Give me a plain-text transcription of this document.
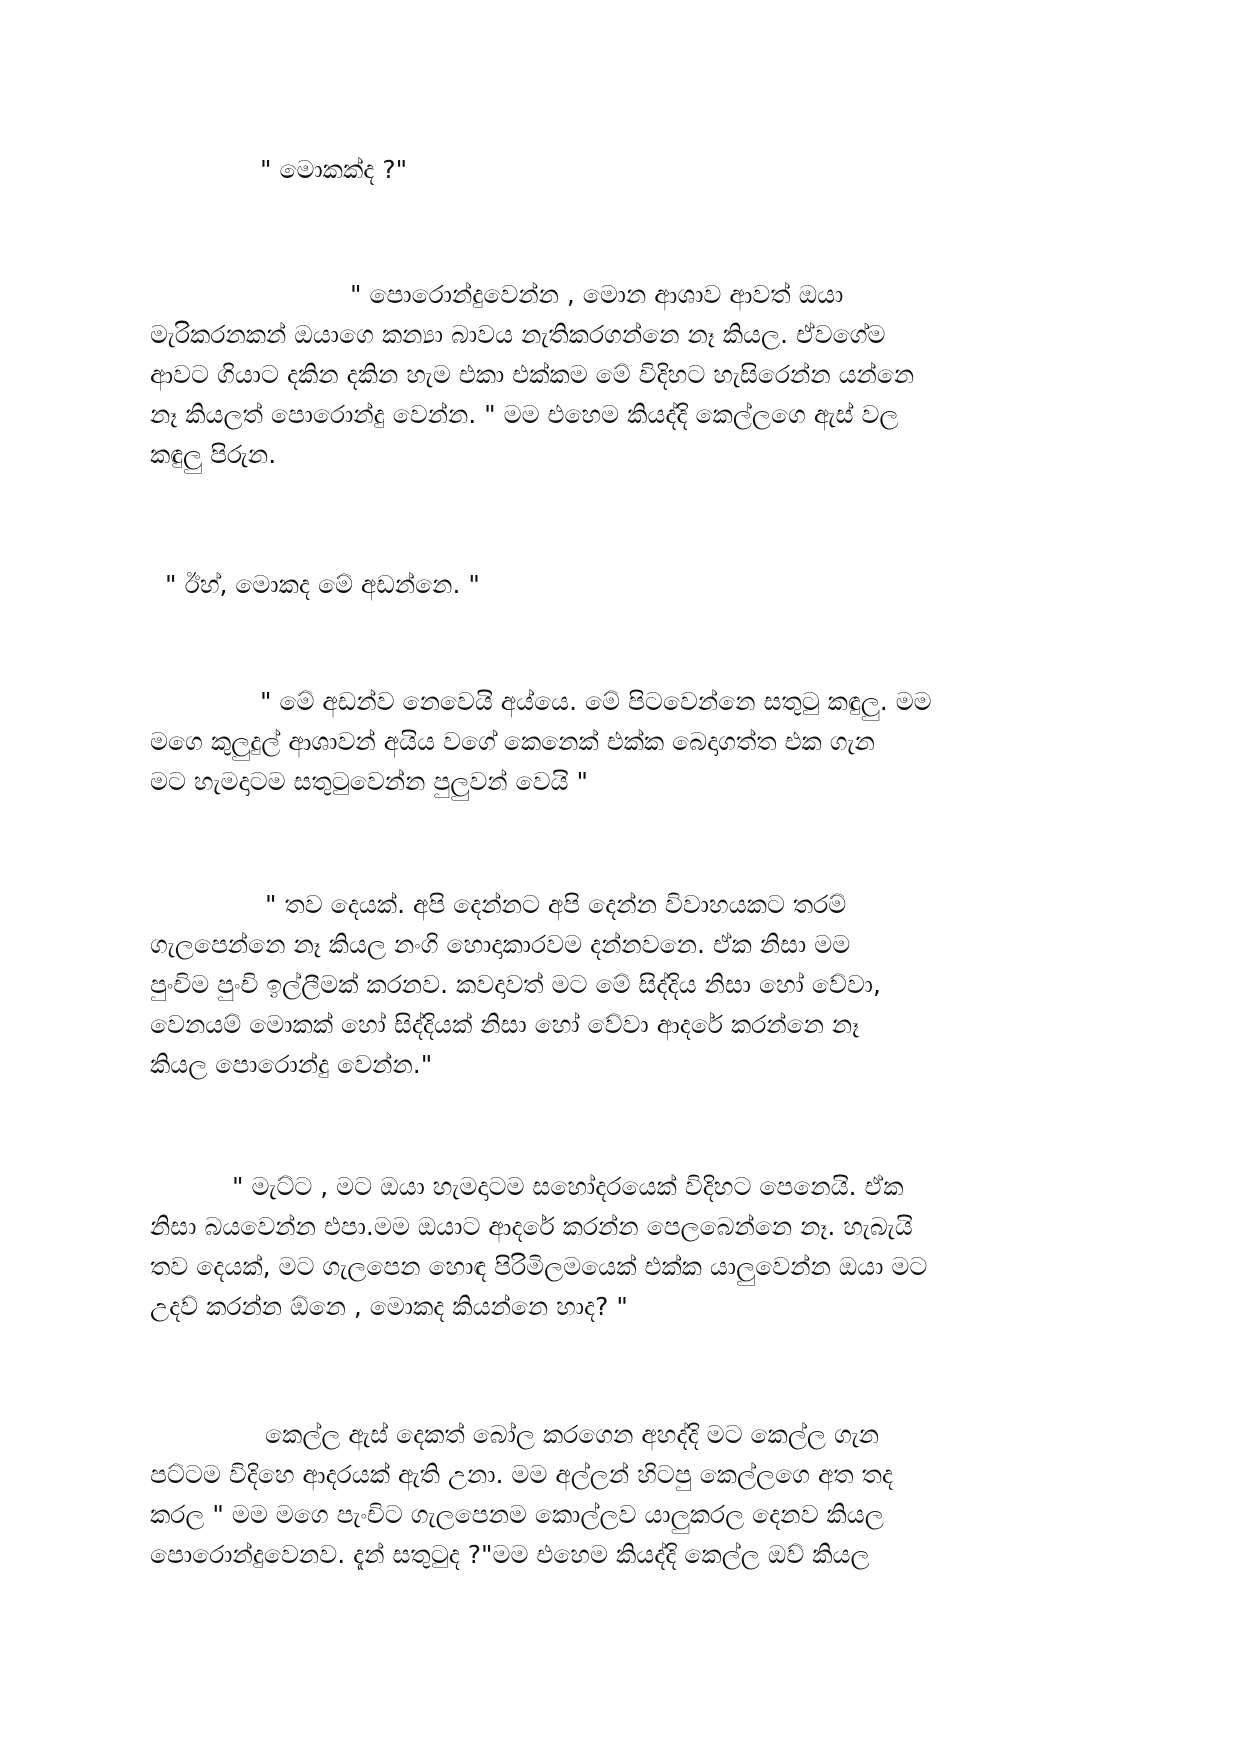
" මොකක්ද ?"
" පොරොන්දුවෙන්න , මොන ආශාව ආවත් ඔයා
මැරිකරනකන් ඔයාගෙ කන්‍යා බාවය නැතිකරගන්නෙ නෑ කියල. ඒවගේම
ආවට ගියාට දකින දකින හැම එකා එක්කම මේ විදිහට හැසිරෙන්න යන්නෙ
නෑ කියලත් පොරොන්දු වෙන්න. " මම එහෙම කියද්දි කෙල්ලගෙ ඇස් වල
කඳුලු පිරුන.
" ඊහ්, මොකද මේ අඩන්නෙ. "
" මේ අඩන්ව නෙවෙයි අය්යෙ. මේ පිටවෙන්නෙ සතුටු කඳුලු. මම
මගෙ කුලුදුල් ආශාවන් අයිය වගේ කෙනෙක් එක්ක බෙදාගත්ත එක ගැන
මට හැමදාටම සතුටුවෙන්න පුලුවන් වෙයි "
" තව දෙයක්. අපි දෙන්නට අපි දෙන්න විවාහයකට තරම්
ගැලපෙන්නෙ නෑ කියල නංගි හොදාකාරවම දන්නවනෙ. ඒක නිසා මම
පුංචිම පුංචි ඉල්ලීමක් කරනව. කවදාවත් මට මේ සිද්දිය නිසා හෝ වේවා,
වෙනයම් මොකක් හෝ සිද්දියක් නිසා හෝ වේවා ආදරේ කරන්නෙ නෑ
කියල පොරොන්දු වෙන්න."
" මැට්ට , මට ඔයා හැමදාටම සහෝදරයෙක් විදිහට පෙනෙයි. ඒක
නිසා බයවෙන්න එපා.මම ඔයාට ආදරේ කරන්න පෙලබෙන්නෙ නෑ. හැබැයි
තව දෙයක්, මට ගැලපෙන හොඳ පිරිමිලමයෙක් එක්ක යාලුවෙන්න ඔයා මට
උදව් කරන්න ඕනෙ , මොකද කියන්නෙ හාද? "
කෙල්ල ඇස් දෙකත් බෝල කරගෙන අහද්දි මට කෙල්ල ගැන
පට්ටම විදිහෙ ආදරයක් ඇති උනා. මම අල්ලන් හිටපු කෙල්ලගෙ අත තද
කරල " මම මගෙ පැංචිට ගැලපෙනම කොල්ලව යාලුකරල දෙනව කියල
පොරොන්දුවෙනව. දැන් සතුටුද ?"මම එහෙම කියද්දි කෙල්ල ඔව් කියල
